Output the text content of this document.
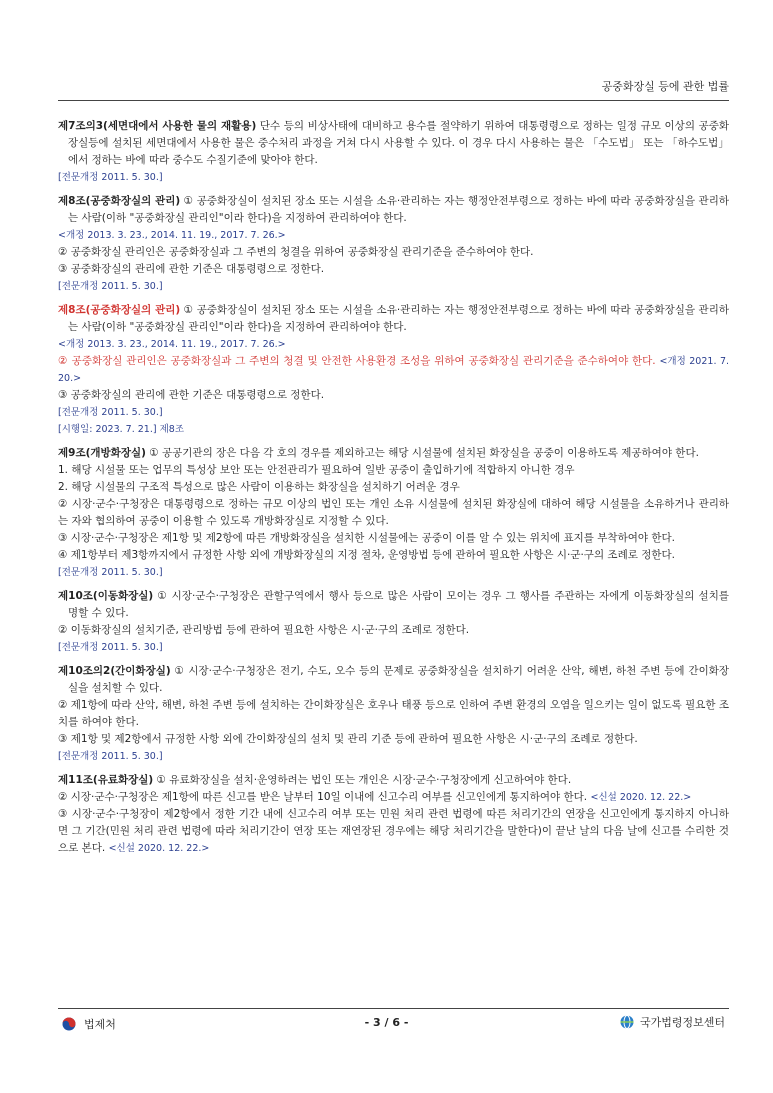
공중화장실 등에 관한 법률

제7조의3(세면대에서 사용한 물의 재활용) 단수 등의 비상사태에 대비하고 용수를 절약하기 위하여 대통령령으로 정하는 일정 규모 이상의 공중화장실등에 설치된 세면대에서 사용한 물은 중수처리 과정을 거쳐 다시 사용할 수 있다. 이 경우 다시 사용하는 물은 「수도법」 또는 「하수도법」에서 정하는 바에 따라 중수도 수질기준에 맞아야 한다.

[전문개정 2011. 5. 30.]

제8조(공중화장실의 관리) ① 공중화장실이 설치된 장소 또는 시설을 소유·관리하는 자는 행정안전부령으로 정하는 바에 따라 공중화장실을 관리하는 사람(이하 "공중화장실 관리인"이라 한다)을 지정하여 관리하여야 한다.

<개정 2013. 3. 23., 2014. 11. 19., 2017. 7. 26.>

② 공중화장실 관리인은 공중화장실과 그 주변의 청결을 위하여 공중화장실 관리기준을 준수하여야 한다.

③ 공중화장실의 관리에 관한 기준은 대통령령으로 정한다.

[전문개정 2011. 5. 30.]

제8조(공중화장실의 관리) ① 공중화장실이 설치된 장소 또는 시설을 소유·관리하는 자는 행정안전부령으로 정하는 바에 따라 공중화장실을 관리하는 사람(이하 "공중화장실 관리인"이라 한다)을 지정하여 관리하여야 한다.

<개정 2013. 3. 23., 2014. 11. 19., 2017. 7. 26.>

② 공중화장실 관리인은 공중화장실과 그 주변의 청결 및 안전한 사용환경 조성을 위하여 공중화장실 관리기준을 준수하여야 한다. <개정 2021. 7. 20.>

③ 공중화장실의 관리에 관한 기준은 대통령령으로 정한다.

[전문개정 2011. 5. 30.]

[시행일: 2023. 7. 21.] 제8조

제9조(개방화장실) ① 공공기관의 장은 다음 각 호의 경우를 제외하고는 해당 시설물에 설치된 화장실을 공중이 이용하도록 제공하여야 한다.

1. 해당 시설물 또는 업무의 특성상 보안 또는 안전관리가 필요하여 일반 공중이 출입하기에 적합하지 아니한 경우

2. 해당 시설물의 구조적 특성으로 많은 사람이 이용하는 화장실을 설치하기 어려운 경우

② 시장·군수·구청장은 대통령령으로 정하는 규모 이상의 법인 또는 개인 소유 시설물에 설치된 화장실에 대하여 해당 시설물을 소유하거나 관리하는 자와 협의하여 공중이 이용할 수 있도록 개방화장실로 지정할 수 있다.

③ 시장·군수·구청장은 제1항 및 제2항에 따른 개방화장실을 설치한 시설물에는 공중이 이를 알 수 있는 위치에 표지를 부착하여야 한다.

④ 제1항부터 제3항까지에서 규정한 사항 외에 개방화장실의 지정 절차, 운영방법 등에 관하여 필요한 사항은 시·군·구의 조례로 정한다.

[전문개정 2011. 5. 30.]

제10조(이동화장실) ① 시장·군수·구청장은 관할구역에서 행사 등으로 많은 사람이 모이는 경우 그 행사를 주관하는 자에게 이동화장실의 설치를 명할 수 있다.

② 이동화장실의 설치기준, 관리방법 등에 관하여 필요한 사항은 시·군·구의 조례로 정한다.

[전문개정 2011. 5. 30.]

제10조의2(간이화장실) ① 시장·군수·구청장은 전기, 수도, 오수 등의 문제로 공중화장실을 설치하기 어려운 산악, 해변, 하천 주변 등에 간이화장실을 설치할 수 있다.

② 제1항에 따라 산악, 해변, 하천 주변 등에 설치하는 간이화장실은 호우나 태풍 등으로 인하여 주변 환경의 오염을 일으키는 일이 없도록 필요한 조치를 하여야 한다.

③ 제1항 및 제2항에서 규정한 사항 외에 간이화장실의 설치 및 관리 기준 등에 관하여 필요한 사항은 시·군·구의 조례로 정한다.

[전문개정 2011. 5. 30.]

제11조(유료화장실) ① 유료화장실을 설치·운영하려는 법인 또는 개인은 시장·군수·구청장에게 신고하여야 한다.

② 시장·군수·구청장은 제1항에 따른 신고를 받은 날부터 10일 이내에 신고수리 여부를 신고인에게 통지하여야 한다. <신설 2020. 12. 22.>

③ 시장·군수·구청장이 제2항에서 정한 기간 내에 신고수리 여부 또는 민원 처리 관련 법령에 따른 처리기간의 연장을 신고인에게 통지하지 아니하면 그 기간(민원 처리 관련 법령에 따라 처리기간이 연장 또는 재연장된 경우에는 해당 처리기간을 말한다)이 끝난 날의 다음 날에 신고를 수리한 것으로 본다. <신설 2020. 12. 22.>

법제처	- 3 / 6 -	국가법령정보센터
